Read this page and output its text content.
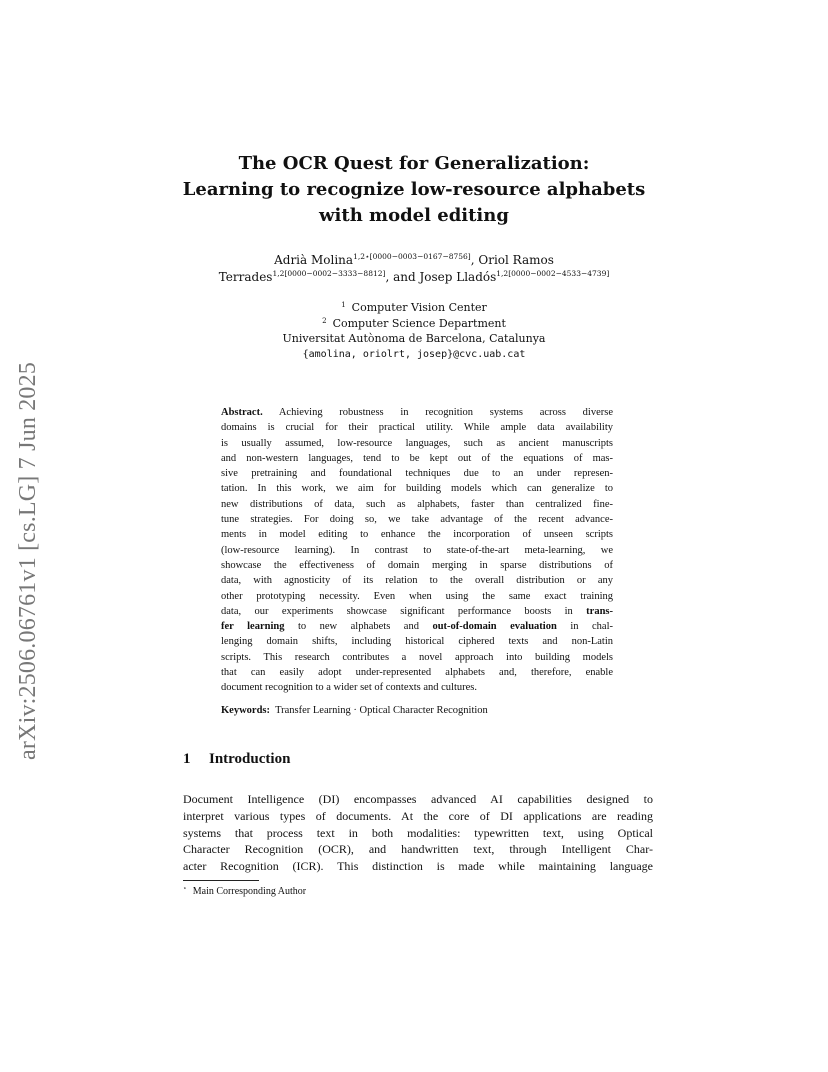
arXiv:2506.06761v1 [cs.LG] 7 Jun 2025
The OCR Quest for Generalization:
Learning to recognize low-resource alphabets
with model editing
Adrià Molina$^{1,2⋆[0000-0003-0167-8756]}$, Oriol Ramos
Terrades$^{1,2[0000-0002-3333-8812]}$, and Josep Lladós$^{1,2[0000-0002-4533-4739]}$
$^1$ Computer Vision Center
$^2$ Computer Science Department
Universitat Autònoma de Barcelona, Catalunya
{amolina, oriolrt, josep}@cvc.uab.cat
Abstract. Achieving robustness in recognition systems across diverse
domains is crucial for their practical utility. While ample data availability
is usually assumed, low-resource languages, such as ancient manuscripts
and non-western languages, tend to be kept out of the equations of mas-
sive pretraining and foundational techniques due to an under represen-
tation. In this work, we aim for building models which can generalize to
new distributions of data, such as alphabets, faster than centralized fine-
tune strategies. For doing so, we take advantage of the recent advance-
ments in model editing to enhance the incorporation of unseen scripts
(low-resource learning). In contrast to state-of-the-art meta-learning, we
showcase the effectiveness of domain merging in sparse distributions of
data, with agnosticity of its relation to the overall distribution or any
other prototyping necessity. Even when using the same exact training
data, our experiments showcase significant performance boosts in trans-
fer learning to new alphabets and out-of-domain evaluation in chal-
lenging domain shifts, including historical ciphered texts and non-Latin
scripts. This research contributes a novel approach into building models
that can easily adopt under-represented alphabets and, therefore, enable
document recognition to a wider set of contexts and cultures.
Keywords: Transfer Learning · Optical Character Recognition
1 Introduction
Document Intelligence (DI) encompasses advanced AI capabilities designed to
interpret various types of documents. At the core of DI applications are reading
systems that process text in both modalities: typewritten text, using Optical
Character Recognition (OCR), and handwritten text, through Intelligent Char-
acter Recognition (ICR). This distinction is made while maintaining language
⋆ Main Corresponding Author
